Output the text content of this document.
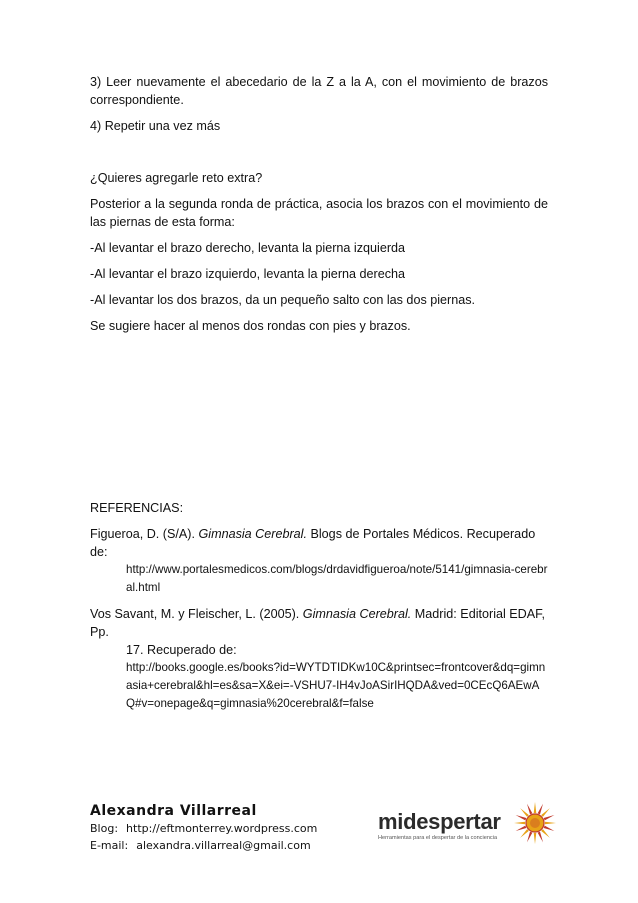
3) Leer nuevamente el abecedario de la Z a la A, con el movimiento de brazos correspondiente.

4) Repetir una vez más

¿Quieres agregarle reto extra?

Posterior a la segunda ronda de práctica, asocia los brazos con el movimiento de las piernas de esta forma:

-Al levantar el brazo derecho, levanta la pierna izquierda

-Al levantar el brazo izquierdo, levanta la pierna derecha

-Al levantar los dos brazos, da un pequeño salto con las dos piernas.

Se sugiere hacer al menos dos rondas con pies y brazos.

REFERENCIAS:

Figueroa, D. (S/A). Gimnasia Cerebral. Blogs de Portales Médicos. Recuperado de:
http://www.portalesmedicos.com/blogs/drdavidfigueroa/note/5141/gimnasia-cerebral.html
Vos Savant, M. y Fleischer, L. (2005). Gimnasia Cerebral. Madrid: Editorial EDAF, Pp.
17. Recuperado de:
http://books.google.es/books?id=WYTDTIDKw10C&printsec=frontcover&dq=gimnasia+cerebral&hl=es&sa=X&ei=-VSHU7-IH4vJoASirIHQDA&ved=0CEcQ6AEwAQ#v=onepage&q=gimnasia%20cerebral&f=false

Alexandra Villarreal

Blog: http://eftmonterrey.wordpress.com

E-mail: alexandra.villarreal@gmail.com

midespertar
Herramientas para el despertar de la conciencia
